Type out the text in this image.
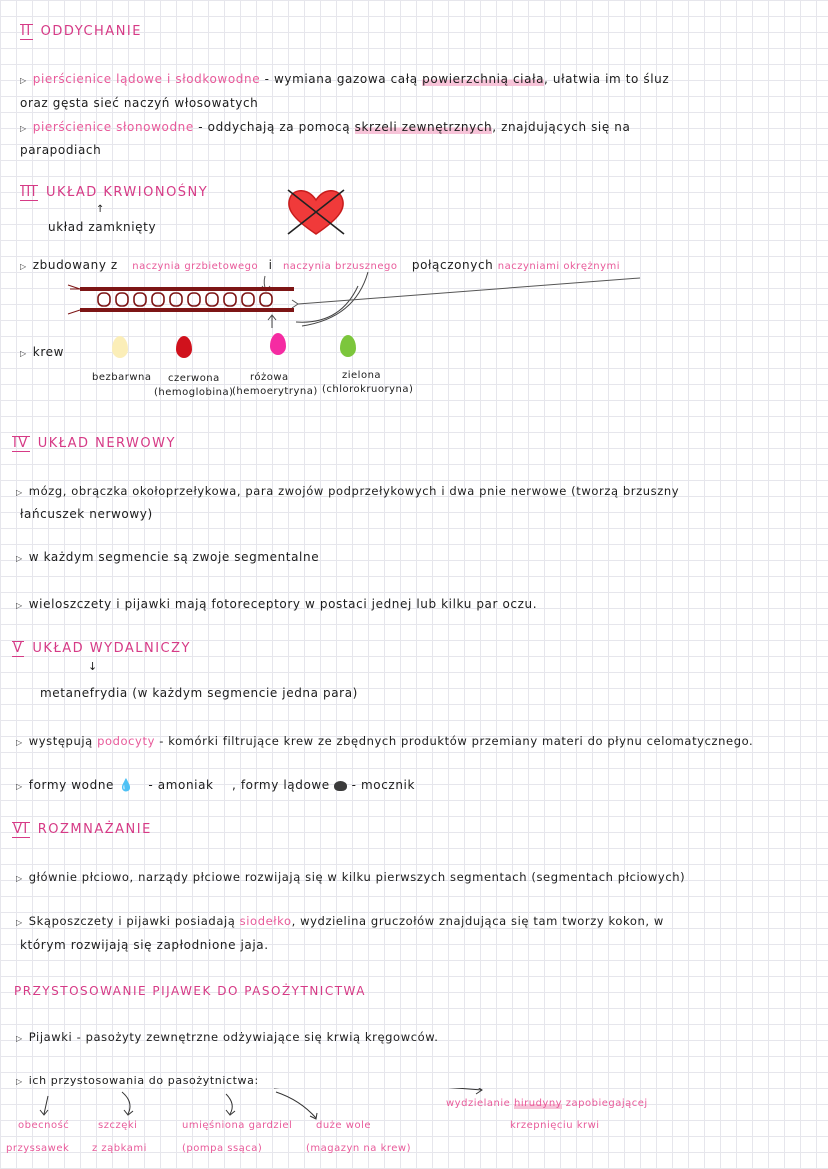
II ODDYCHANIE
▷ pierścienice lądowe i słodkowodne - wymiana gazowa całą powierzchnią ciała, ułatwia im to śluz
oraz gęsta sieć naczyń włosowatych
▷ pierścienice słonowodne - oddychają za pomocą skrzeli zewnętrznych, znajdujących się na
parapodiach
III UKŁAD KRWIONOŚNY
układ zamknięty
↑
▷ zbudowany z naczynia grzbietowego i naczynia brzusznego połączonych naczyniami okrężnymi
▷ krew
bezbarwna czerwona
(hemoglobina)
różowa
(hemoerytryna)
zielona
(chlorokruoryna)
IV UKŁAD NERWOWY
▷ mózg, obrączka okołoprzełykowa, para zwojów podprzełykowych i dwa pnie nerwowe (tworzą brzuszny
łańcuszek nerwowy)
▷ w każdym segmencie są zwoje segmentalne
▷ wieloszczety i pijawki mają fotoreceptory w postaci jednej lub kilku par oczu.
V UKŁAD WYDALNICZY
↓
metanefrydia (w każdym segmencie jedna para)
▷ występują podocyty - komórki filtrujące krew ze zbędnych produktów przemiany materi do płynu celomatycznego.
▷ formy wodne 💧 - amoniak , formy lądowe - mocznik
VI ROZMNAŻANIE
▷ głównie płciowo, narządy płciowe rozwijają się w kilku pierwszych segmentach (segmentach płciowych)
▷ Skąposzczety i pijawki posiadają siodełko, wydzielina gruczołów znajdująca się tam tworzy kokon, w
którym rozwijają się zapłodnione jaja.
PRZYSTOSOWANIE PIJAWEK DO PASOŻYTNICTWA
▷ Pijawki - pasożyty zewnętrzne odżywiające się krwią kręgowców.
▷ ich przystosowania do pasożytnictwa:
obecność
przyssawek
szczęki
z ząbkami
umięśniona gardziel
(pompa ssąca)
duże wole
(magazyn na krew)
wydzielanie hirudyny zapobiegającej
krzepnięciu krwi
